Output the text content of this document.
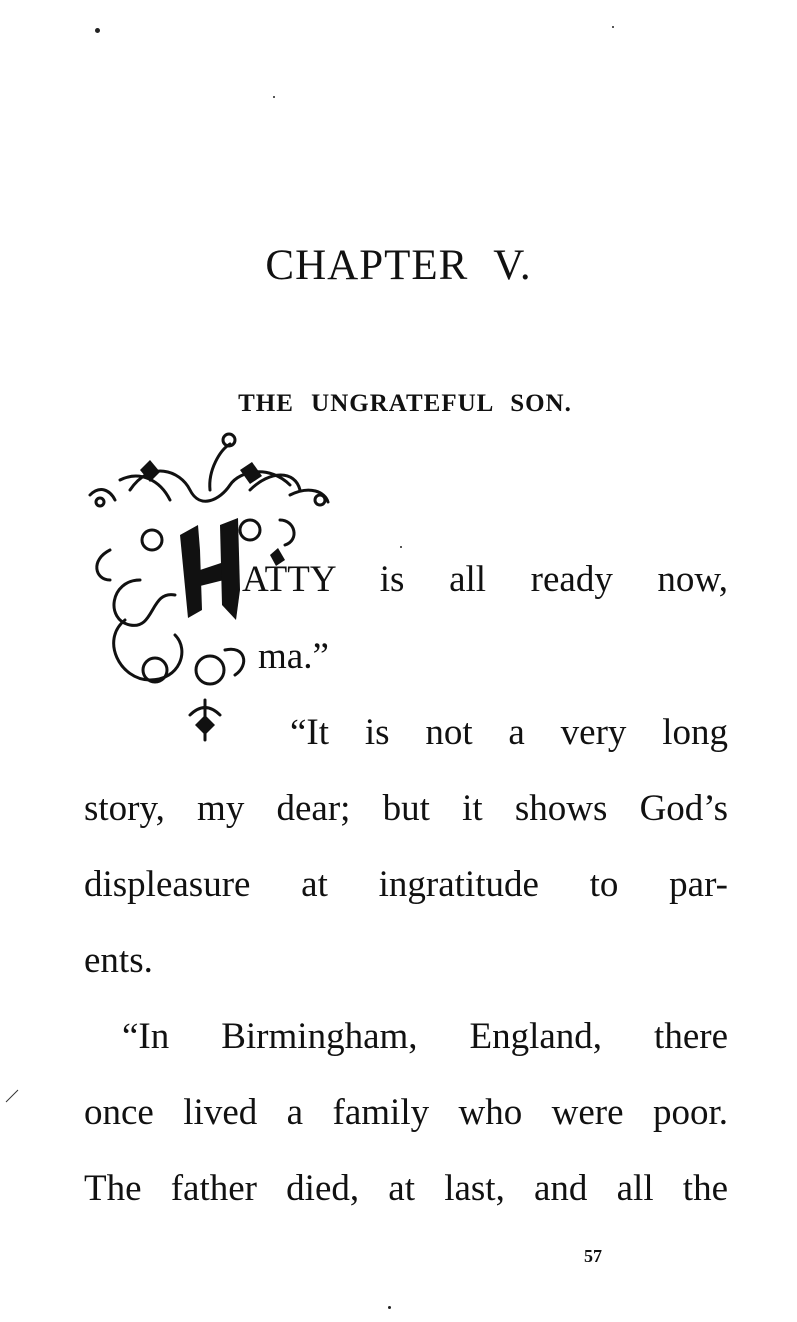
CHAPTER V.
THE UNGRATEFUL SON.
ATTY is all ready now,
ma.”
“It is not a very long
story, my dear; but it shows God’s
displeasure at ingratitude to par-
ents.
“In Birmingham, England, there
once lived a family who were poor.
The father died, at last, and all the
57
